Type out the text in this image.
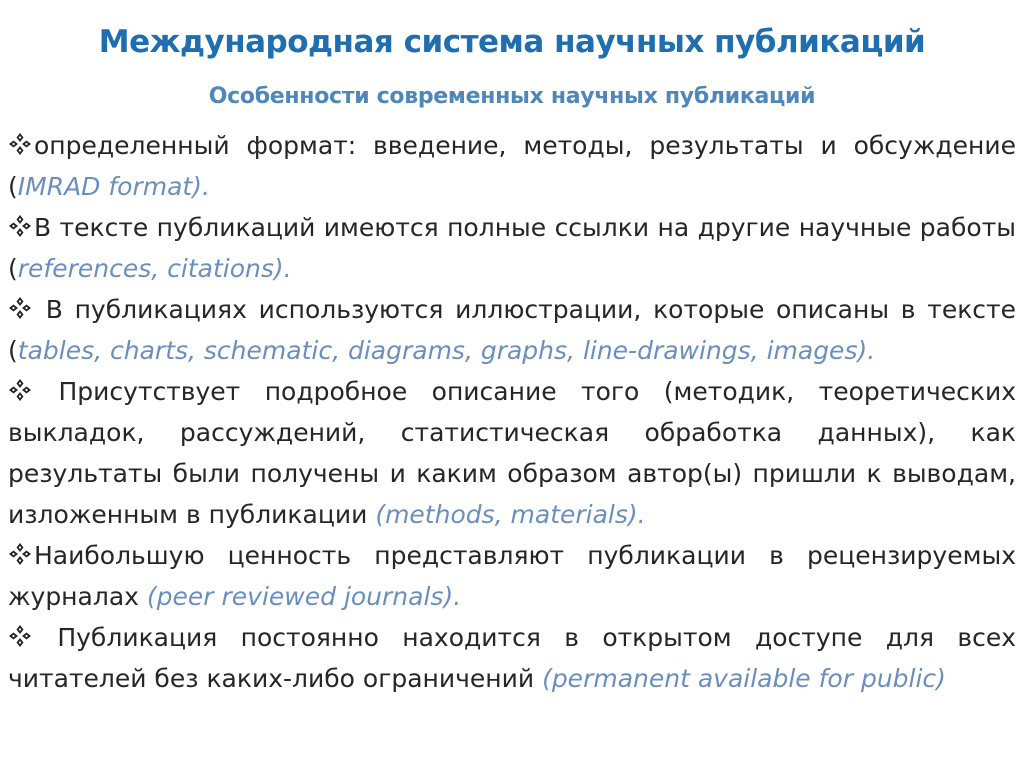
Международная система научных публикаций
Особенности современных научных публикаций
определенный формат: введение, методы, результаты и обсуждение (IMRAD format).
В тексте публикаций имеются полные ссылки на другие научные работы (references, citations).
В публикациях используются иллюстрации, которые описаны в тексте (tables, charts, schematic, diagrams, graphs, line-drawings, images).
Присутствует подробное описание того (методик, теоретических выкладок, рассуждений, статистическая обработка данных), как результаты были получены и каким образом автор(ы) пришли к выводам, изложенным в публикации (methods, materials).
Наибольшую ценность представляют публикации в рецензируемых журналах (peer reviewed journals).
Публикация постоянно находится в открытом доступе для всех читателей без каких-либо ограничений (permanent available for public)
